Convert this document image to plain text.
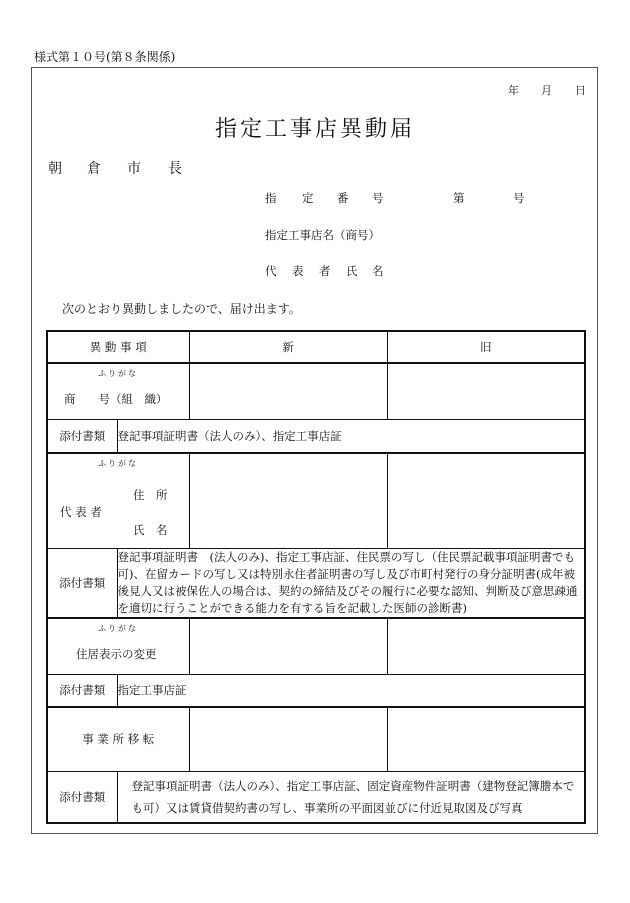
様式第１０号(第８条関係)
年 月 日
指定工事店異動届
朝 倉 市 長
指 定 番 号	第	号
指定工事店名（商号）
代 表 者 氏 名
次のとおり異動しましたので、届け出ます。
異 動 事 項		新	旧

ふりがな
商　　号（組　織）			

添付書類	登記事項証明書（法人のみ）、指定工事店証		

ふりがな
代 表 者
住　所
氏　名			

添付書類	登記事項証明書　(法人のみ)、指定工事店証、住民票の写し（住民票記載事項証明書でも可)、在留カードの写し又は特別永住者証明書の写し及び市町村発行の身分証明書(成年被後見人又は被保佐人の場合は、契約の締結及びその履行に必要な認知、判断及び意思疎通を適切に行うことができる能力を有する旨を記載した医師の診断書)		

ふりがな
住居表示の変更			

添付書類	指定工事店証		
事 業 所 移 転			
添付書類	登記事項証明書（法人のみ）、指定工事店証、固定資産物件証明書（建物登記簿謄本でも可）又は賃貸借契約書の写し、事業所の平面図並びに付近見取図及び写真		
